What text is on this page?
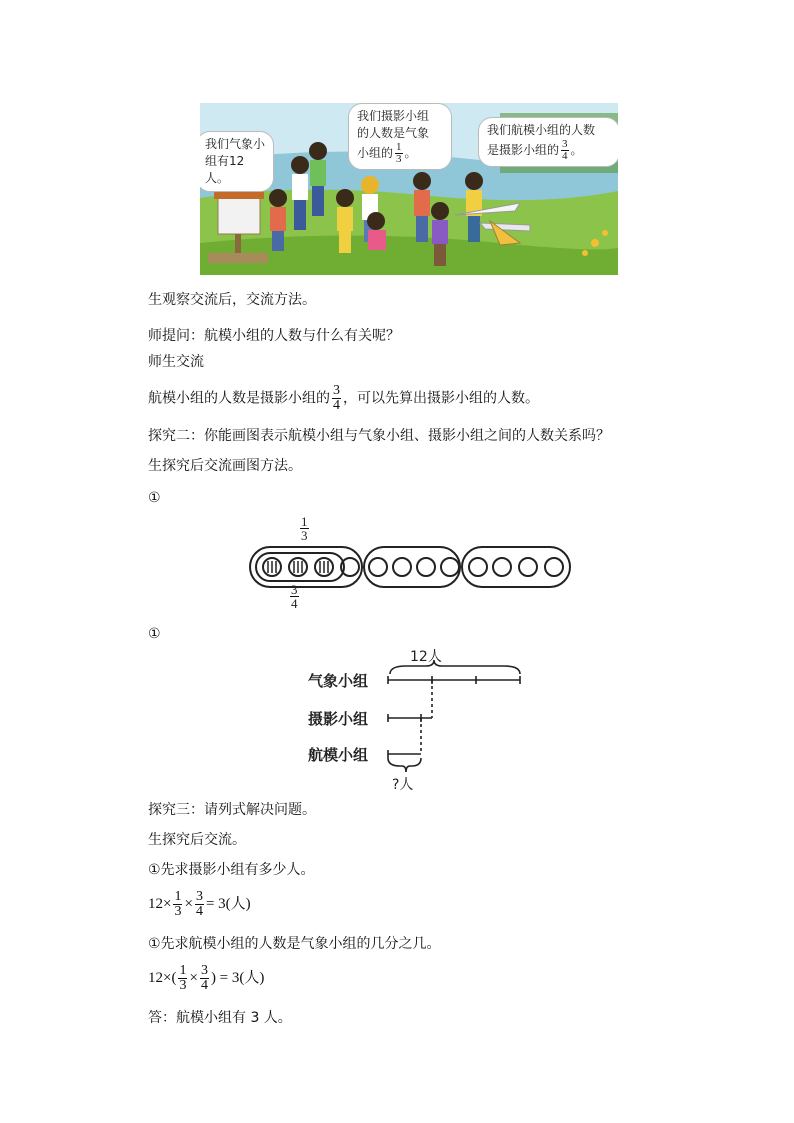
我们气象小组有12人。
我们摄影小组
的人数是气象
小组的 $\frac{1}{3}$ 。
我们航模小组的人数
是摄影小组的 $\frac{3}{4}$ 。
生观察交流后，交流方法。
师提问：航模小组的人数与什么有关呢？
师生交流
航模小组的人数是摄影小组的 $\frac{3}{4}$ ，可以先算出摄影小组的人数。
探究二：你能画图表示航模小组与气象小组、摄影小组之间的人数关系吗？
生探究后交流画图方法。
①
$\frac{1}{3}$
$\frac{3}{4}$
①
12人
气象小组
摄影小组
航模小组
?人
探究三：请列式解决问题。
生探究后交流。
①先求摄影小组有多少人。
$12\times \frac{1}{3} \times \frac{3}{4} = 3$(人)
①先求航模小组的人数是气象小组的几分之几。
$12\times( \frac{1}{3} \times \frac{3}{4}$ ) = 3(人)
答：航模小组有 3 人。
